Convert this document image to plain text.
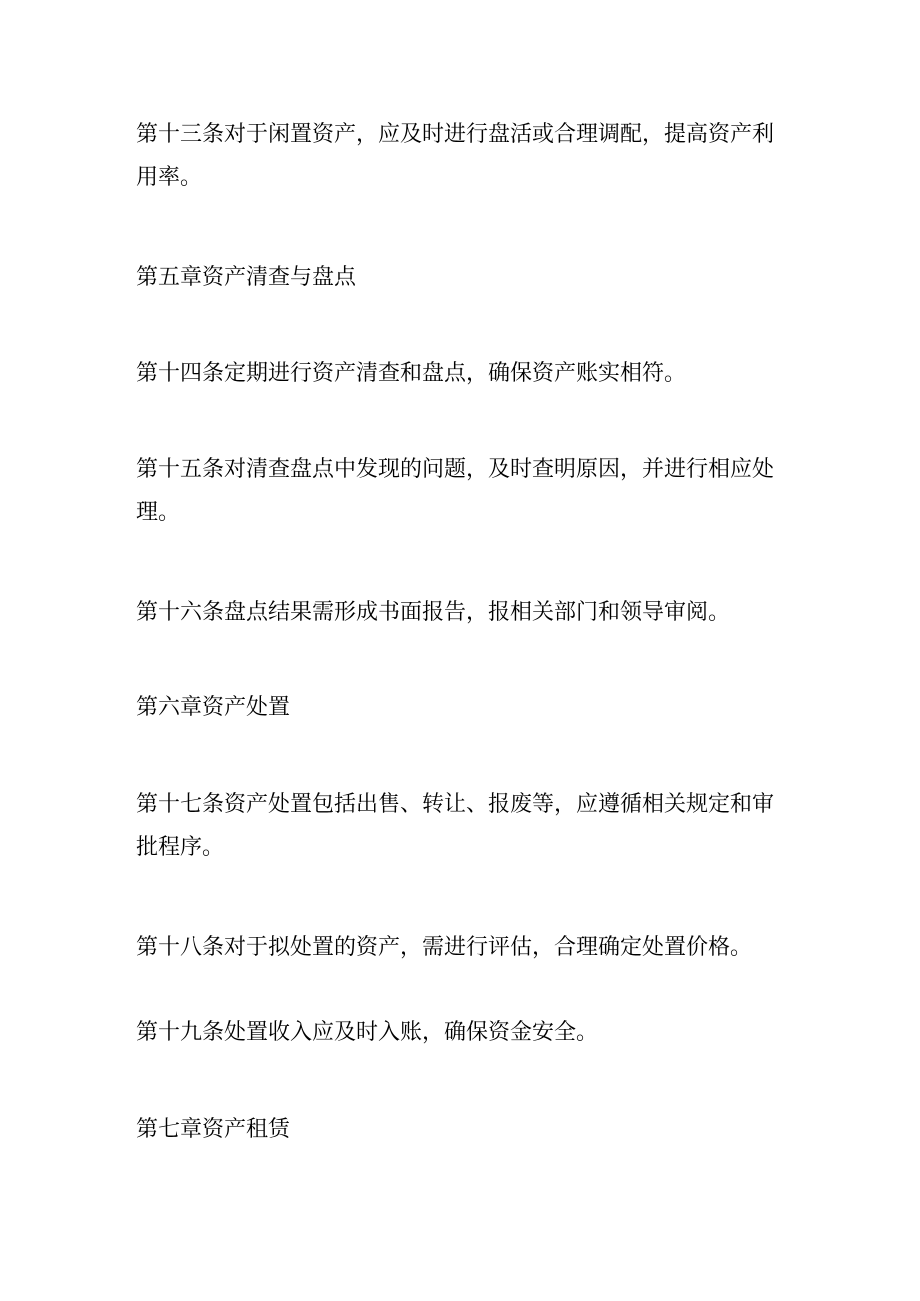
第十三条对于闲置资产，应及时进行盘活或合理调配，提高资产利用率。

第五章资产清查与盘点

第十四条定期进行资产清查和盘点，确保资产账实相符。

第十五条对清查盘点中发现的问题，及时查明原因，并进行相应处理。

第十六条盘点结果需形成书面报告，报相关部门和领导审阅。

第六章资产处置

第十七条资产处置包括出售、转让、报废等，应遵循相关规定和审批程序。

第十八条对于拟处置的资产，需进行评估，合理确定处置价格。

第十九条处置收入应及时入账，确保资金安全。

第七章资产租赁
